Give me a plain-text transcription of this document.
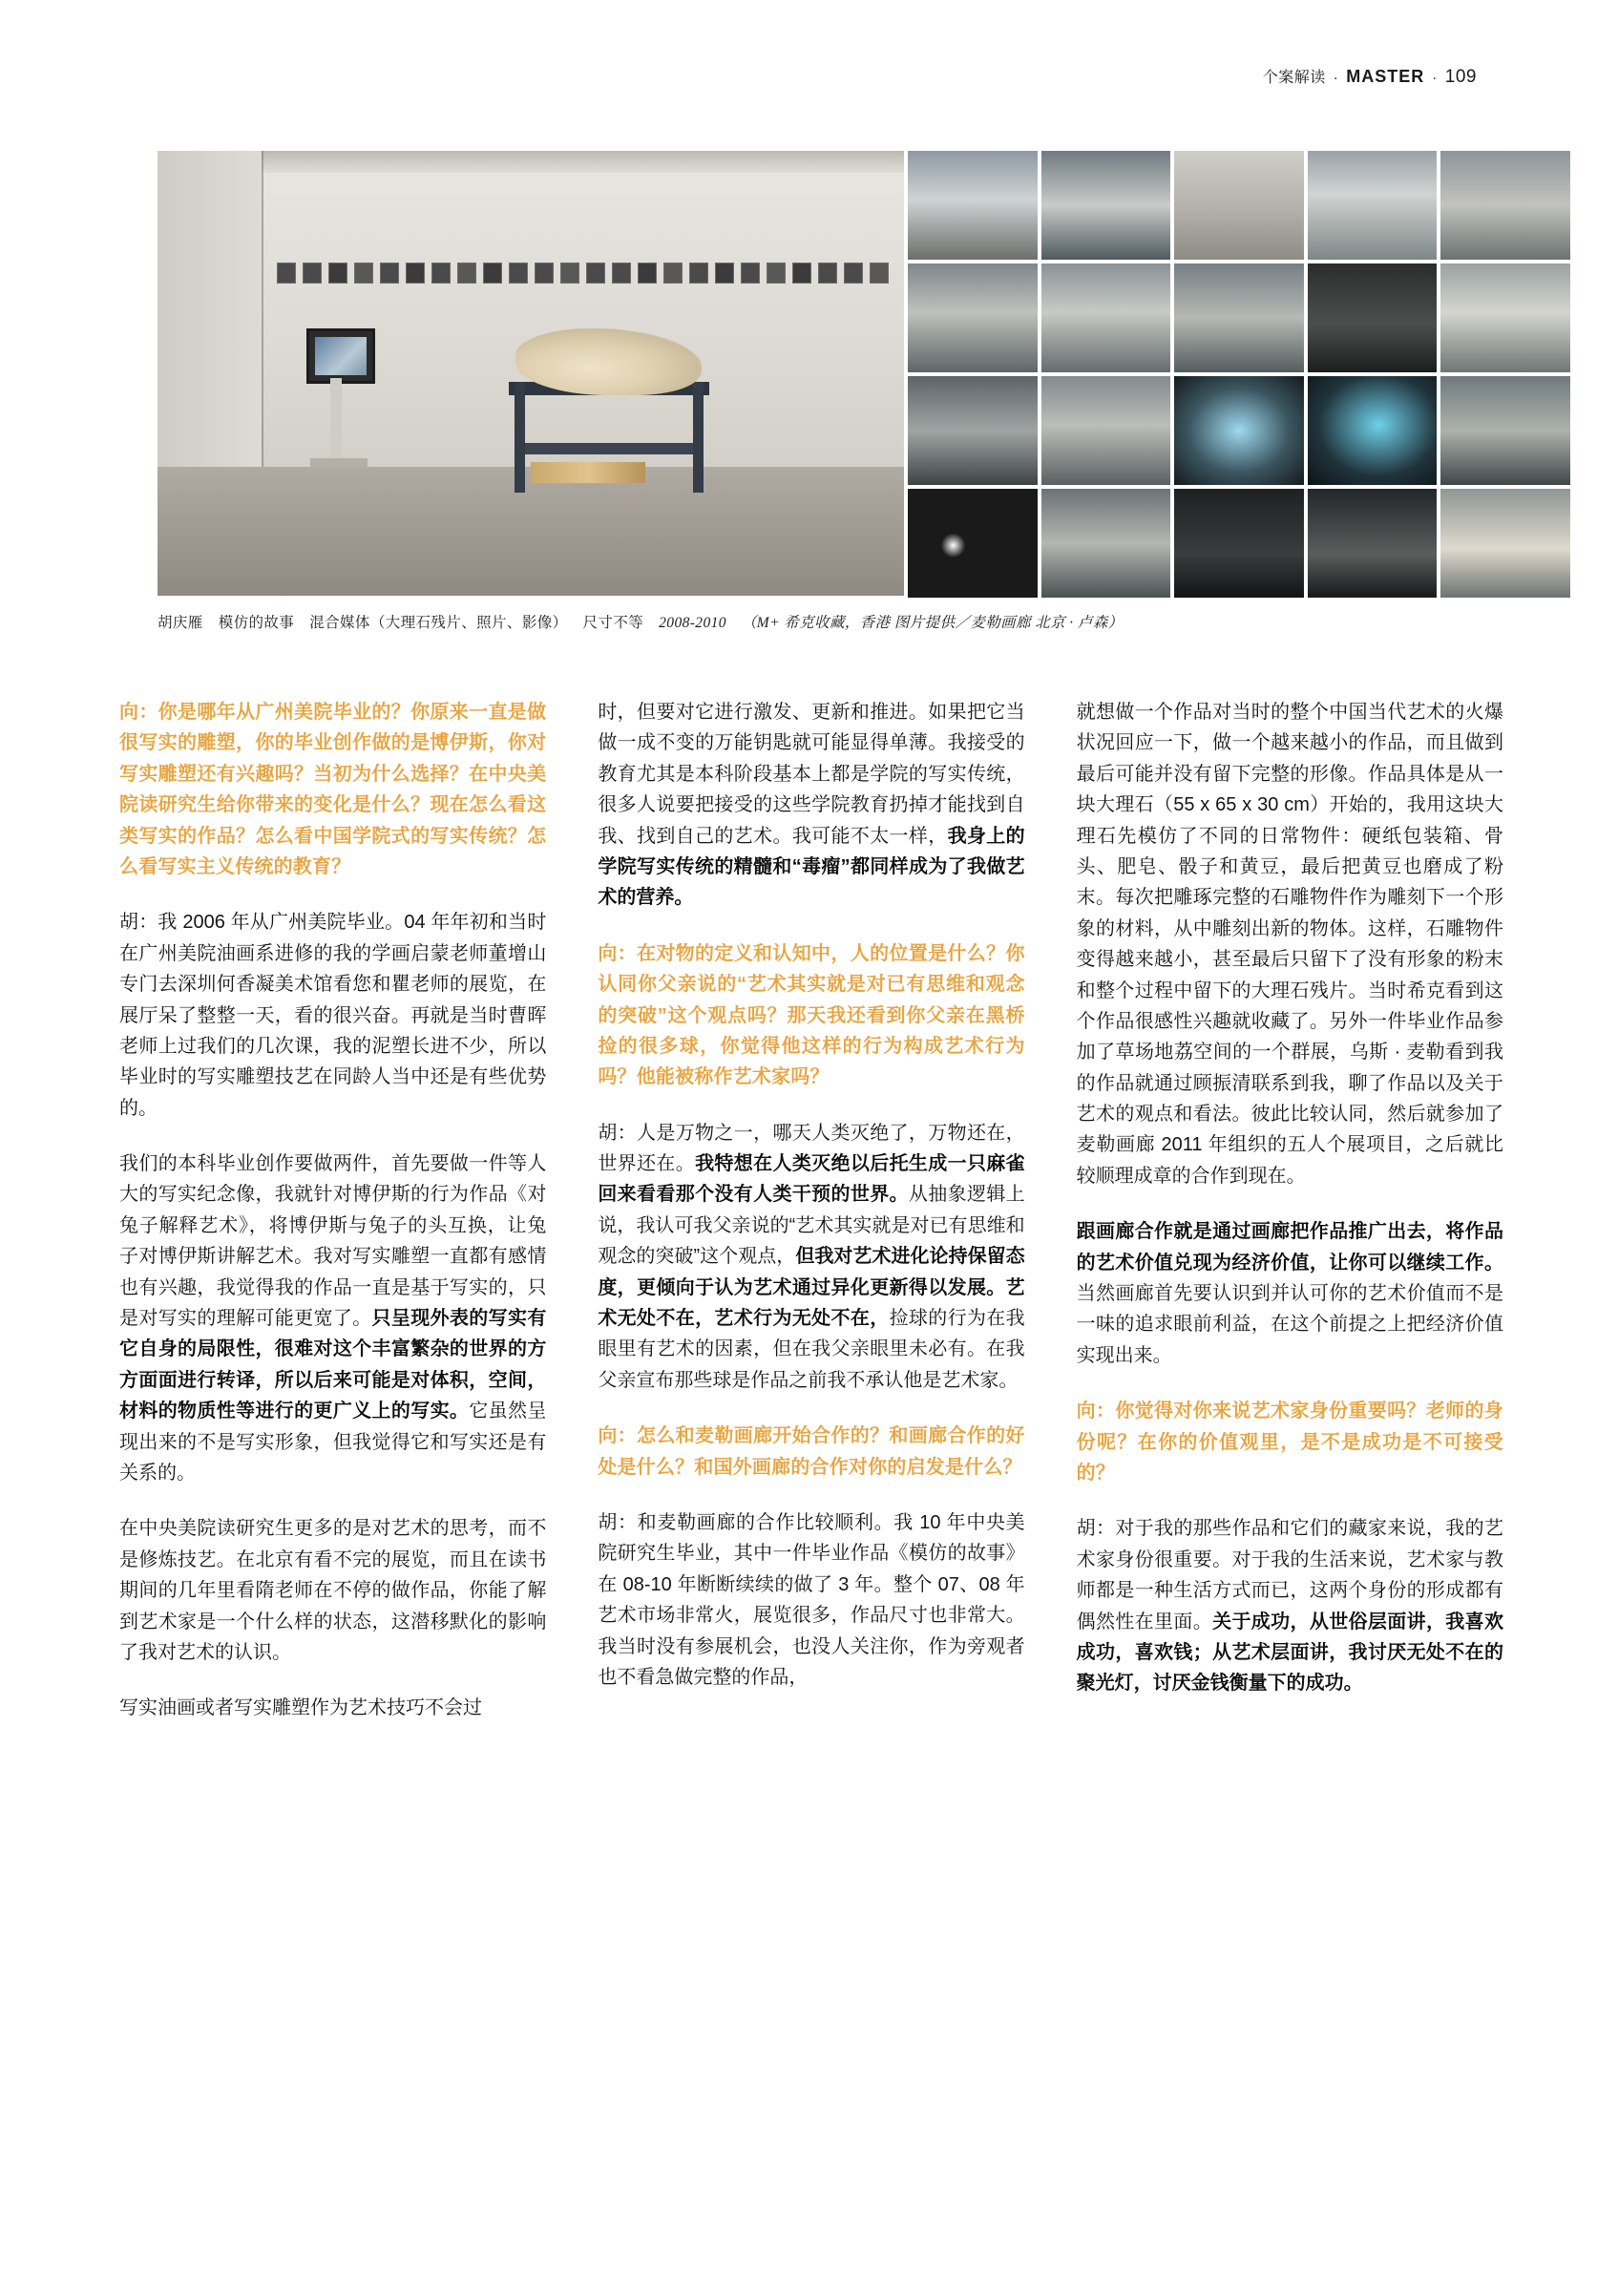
个案解读 · MASTER · 109
胡庆雁 模仿的故事 混合媒体（大理石残片、照片、影像） 尺寸不等 2008-2010 （M+ 希克收藏，香港 图片提供／麦勒画廊 北京 · 卢森）

向：你是哪年从广州美院毕业的？你原来一直是做很写实的雕塑，你的毕业创作做的是博伊斯，你对写实雕塑还有兴趣吗？当初为什么选择？在中央美院读研究生给你带来的变化是什么？现在怎么看这类写实的作品？怎么看中国学院式的写实传统？怎么看写实主义传统的教育？

胡：我 2006 年从广州美院毕业。04 年年初和当时在广州美院油画系进修的我的学画启蒙老师董增山专门去深圳何香凝美术馆看您和瞿老师的展览，在展厅呆了整整一天，看的很兴奋。再就是当时曹晖老师上过我们的几次课，我的泥塑长进不少，所以毕业时的写实雕塑技艺在同龄人当中还是有些优势的。

我们的本科毕业创作要做两件，首先要做一件等人大的写实纪念像，我就针对博伊斯的行为作品《对兔子解释艺术》，将博伊斯与兔子的头互换，让兔子对博伊斯讲解艺术。我对写实雕塑一直都有感情也有兴趣，我觉得我的作品一直是基于写实的，只是对写实的理解可能更宽了。只呈现外表的写实有它自身的局限性，很难对这个丰富繁杂的世界的方方面面进行转译，所以后来可能是对体积，空间，材料的物质性等进行的更广义上的写实。它虽然呈现出来的不是写实形象，但我觉得它和写实还是有关系的。

在中央美院读研究生更多的是对艺术的思考，而不是修炼技艺。在北京有看不完的展览，而且在读书期间的几年里看隋老师在不停的做作品，你能了解到艺术家是一个什么样的状态，这潜移默化的影响了我对艺术的认识。

写实油画或者写实雕塑作为艺术技巧不会过

时，但要对它进行激发、更新和推进。如果把它当做一成不变的万能钥匙就可能显得单薄。我接受的教育尤其是本科阶段基本上都是学院的写实传统，很多人说要把接受的这些学院教育扔掉才能找到自我、找到自己的艺术。我可能不太一样，我身上的学院写实传统的精髓和“毒瘤”都同样成为了我做艺术的营养。

向：在对物的定义和认知中，人的位置是什么？你认同你父亲说的“艺术其实就是对已有思维和观念的突破”这个观点吗？那天我还看到你父亲在黑桥捡的很多球，你觉得他这样的行为构成艺术行为吗？他能被称作艺术家吗？

胡：人是万物之一，哪天人类灭绝了，万物还在，世界还在。我特想在人类灭绝以后托生成一只麻雀回来看看那个没有人类干预的世界。从抽象逻辑上说，我认可我父亲说的“艺术其实就是对已有思维和观念的突破”这个观点，但我对艺术进化论持保留态度，更倾向于认为艺术通过异化更新得以发展。艺术无处不在，艺术行为无处不在，捡球的行为在我眼里有艺术的因素，但在我父亲眼里未必有。在我父亲宣布那些球是作品之前我不承认他是艺术家。

向：怎么和麦勒画廊开始合作的？和画廊合作的好处是什么？和国外画廊的合作对你的启发是什么？

胡：和麦勒画廊的合作比较顺利。我 10 年中央美院研究生毕业，其中一件毕业作品《模仿的故事》在 08-10 年断断续续的做了 3 年。整个 07、08 年艺术市场非常火，展览很多，作品尺寸也非常大。我当时没有参展机会，也没人关注你，作为旁观者也不看急做完整的作品，

就想做一个作品对当时的整个中国当代艺术的火爆状况回应一下，做一个越来越小的作品，而且做到最后可能并没有留下完整的形像。作品具体是从一块大理石（55 x 65 x 30 cm）开始的，我用这块大理石先模仿了不同的日常物件：硬纸包装箱、骨头、肥皂、骰子和黄豆，最后把黄豆也磨成了粉末。每次把雕琢完整的石雕物件作为雕刻下一个形象的材料，从中雕刻出新的物体。这样，石雕物件变得越来越小，甚至最后只留下了没有形象的粉末和整个过程中留下的大理石残片。当时希克看到这个作品很感性兴趣就收藏了。另外一件毕业作品参加了草场地荔空间的一个群展，乌斯 · 麦勒看到我的作品就通过顾振清联系到我，聊了作品以及关于艺术的观点和看法。彼此比较认同，然后就参加了麦勒画廊 2011 年组织的五人个展项目，之后就比较顺理成章的合作到现在。

跟画廊合作就是通过画廊把作品推广出去，将作品的艺术价值兑现为经济价值，让你可以继续工作。当然画廊首先要认识到并认可你的艺术价值而不是一味的追求眼前利益，在这个前提之上把经济价值实现出来。

向：你觉得对你来说艺术家身份重要吗？老师的身份呢？在你的价值观里，是不是成功是不可接受的？

胡：对于我的那些作品和它们的藏家来说，我的艺术家身份很重要。对于我的生活来说，艺术家与教师都是一种生活方式而已，这两个身份的形成都有偶然性在里面。关于成功，从世俗层面讲，我喜欢成功，喜欢钱；从艺术层面讲，我讨厌无处不在的聚光灯，讨厌金钱衡量下的成功。
